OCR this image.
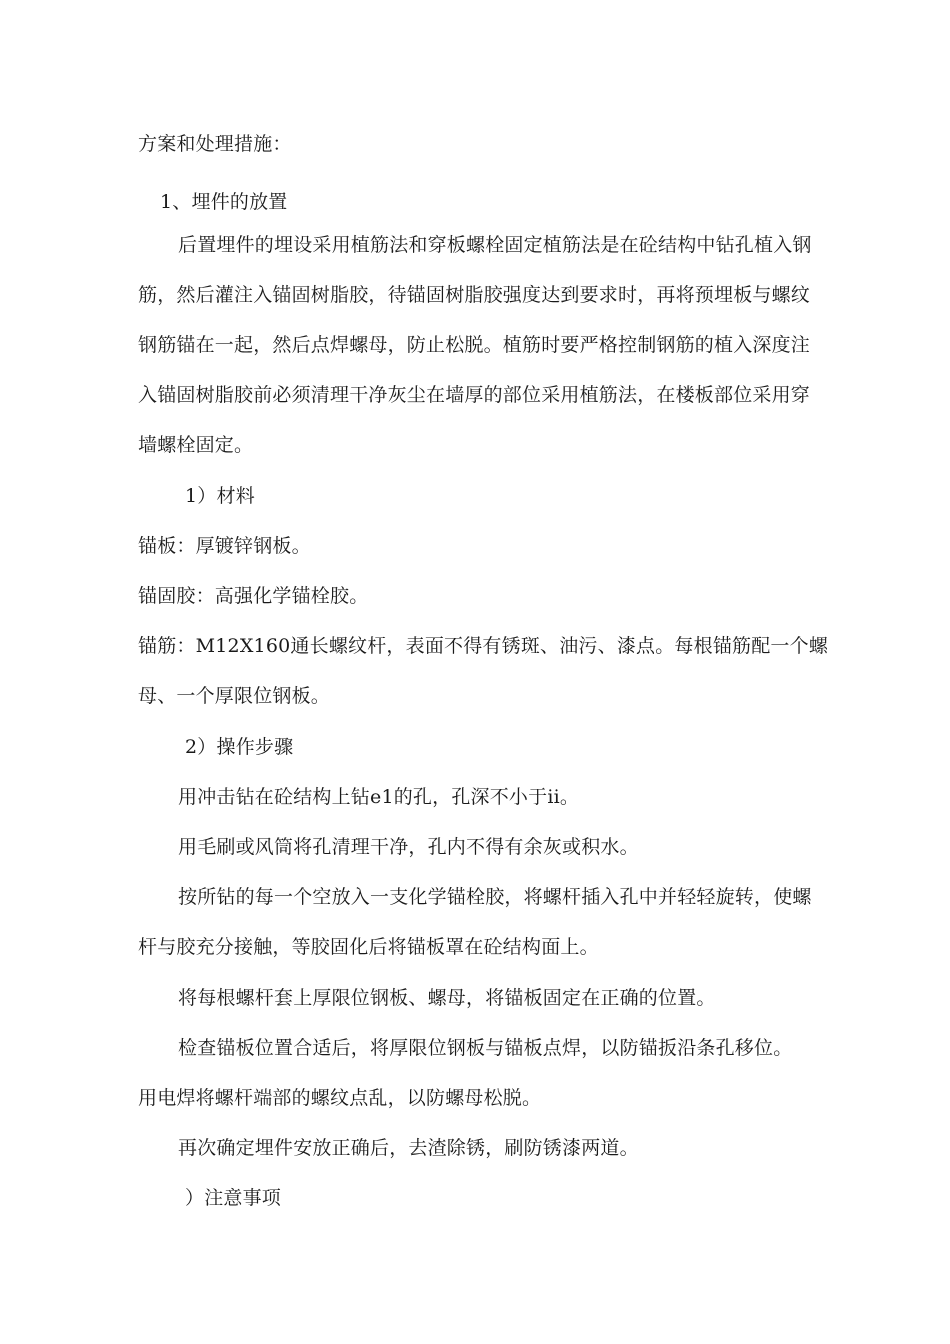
方案和处理措施：
1、埋件的放置
后置埋件的埋设采用植筋法和穿板螺栓固定植筋法是在砼结构中钻孔植入钢
筋，然后灌注入锚固树脂胶，待锚固树脂胶强度达到要求时，再将预埋板与螺纹
钢筋锚在一起，然后点焊螺母，防止松脱。植筋时要严格控制钢筋的植入深度注
入锚固树脂胶前必须清理干净灰尘在墙厚的部位采用植筋法，在楼板部位采用穿
墙螺栓固定。
1）材料
锚板：厚镀锌钢板。
锚固胶：高强化学锚栓胶。
锚筋：M12X160通长螺纹杆，表面不得有锈斑、油污、漆点。每根锚筋配一个螺
母、一个厚限位钢板。
2）操作步骤
用冲击钻在砼结构上钻e1的孔，孔深不小于ii。
用毛刷或风筒将孔清理干净，孔内不得有余灰或积水。
按所钻的每一个空放入一支化学锚栓胶，将螺杆插入孔中并轻轻旋转，使螺
杆与胶充分接触，等胶固化后将锚板罩在砼结构面上。
将每根螺杆套上厚限位钢板、螺母，将锚板固定在正确的位置。
检查锚板位置合适后，将厚限位钢板与锚板点焊，以防锚扳沿条孔移位。
用电焊将螺杆端部的螺纹点乱，以防螺母松脱。
再次确定埋件安放正确后，去渣除锈，刷防锈漆两道。
）注意事项
